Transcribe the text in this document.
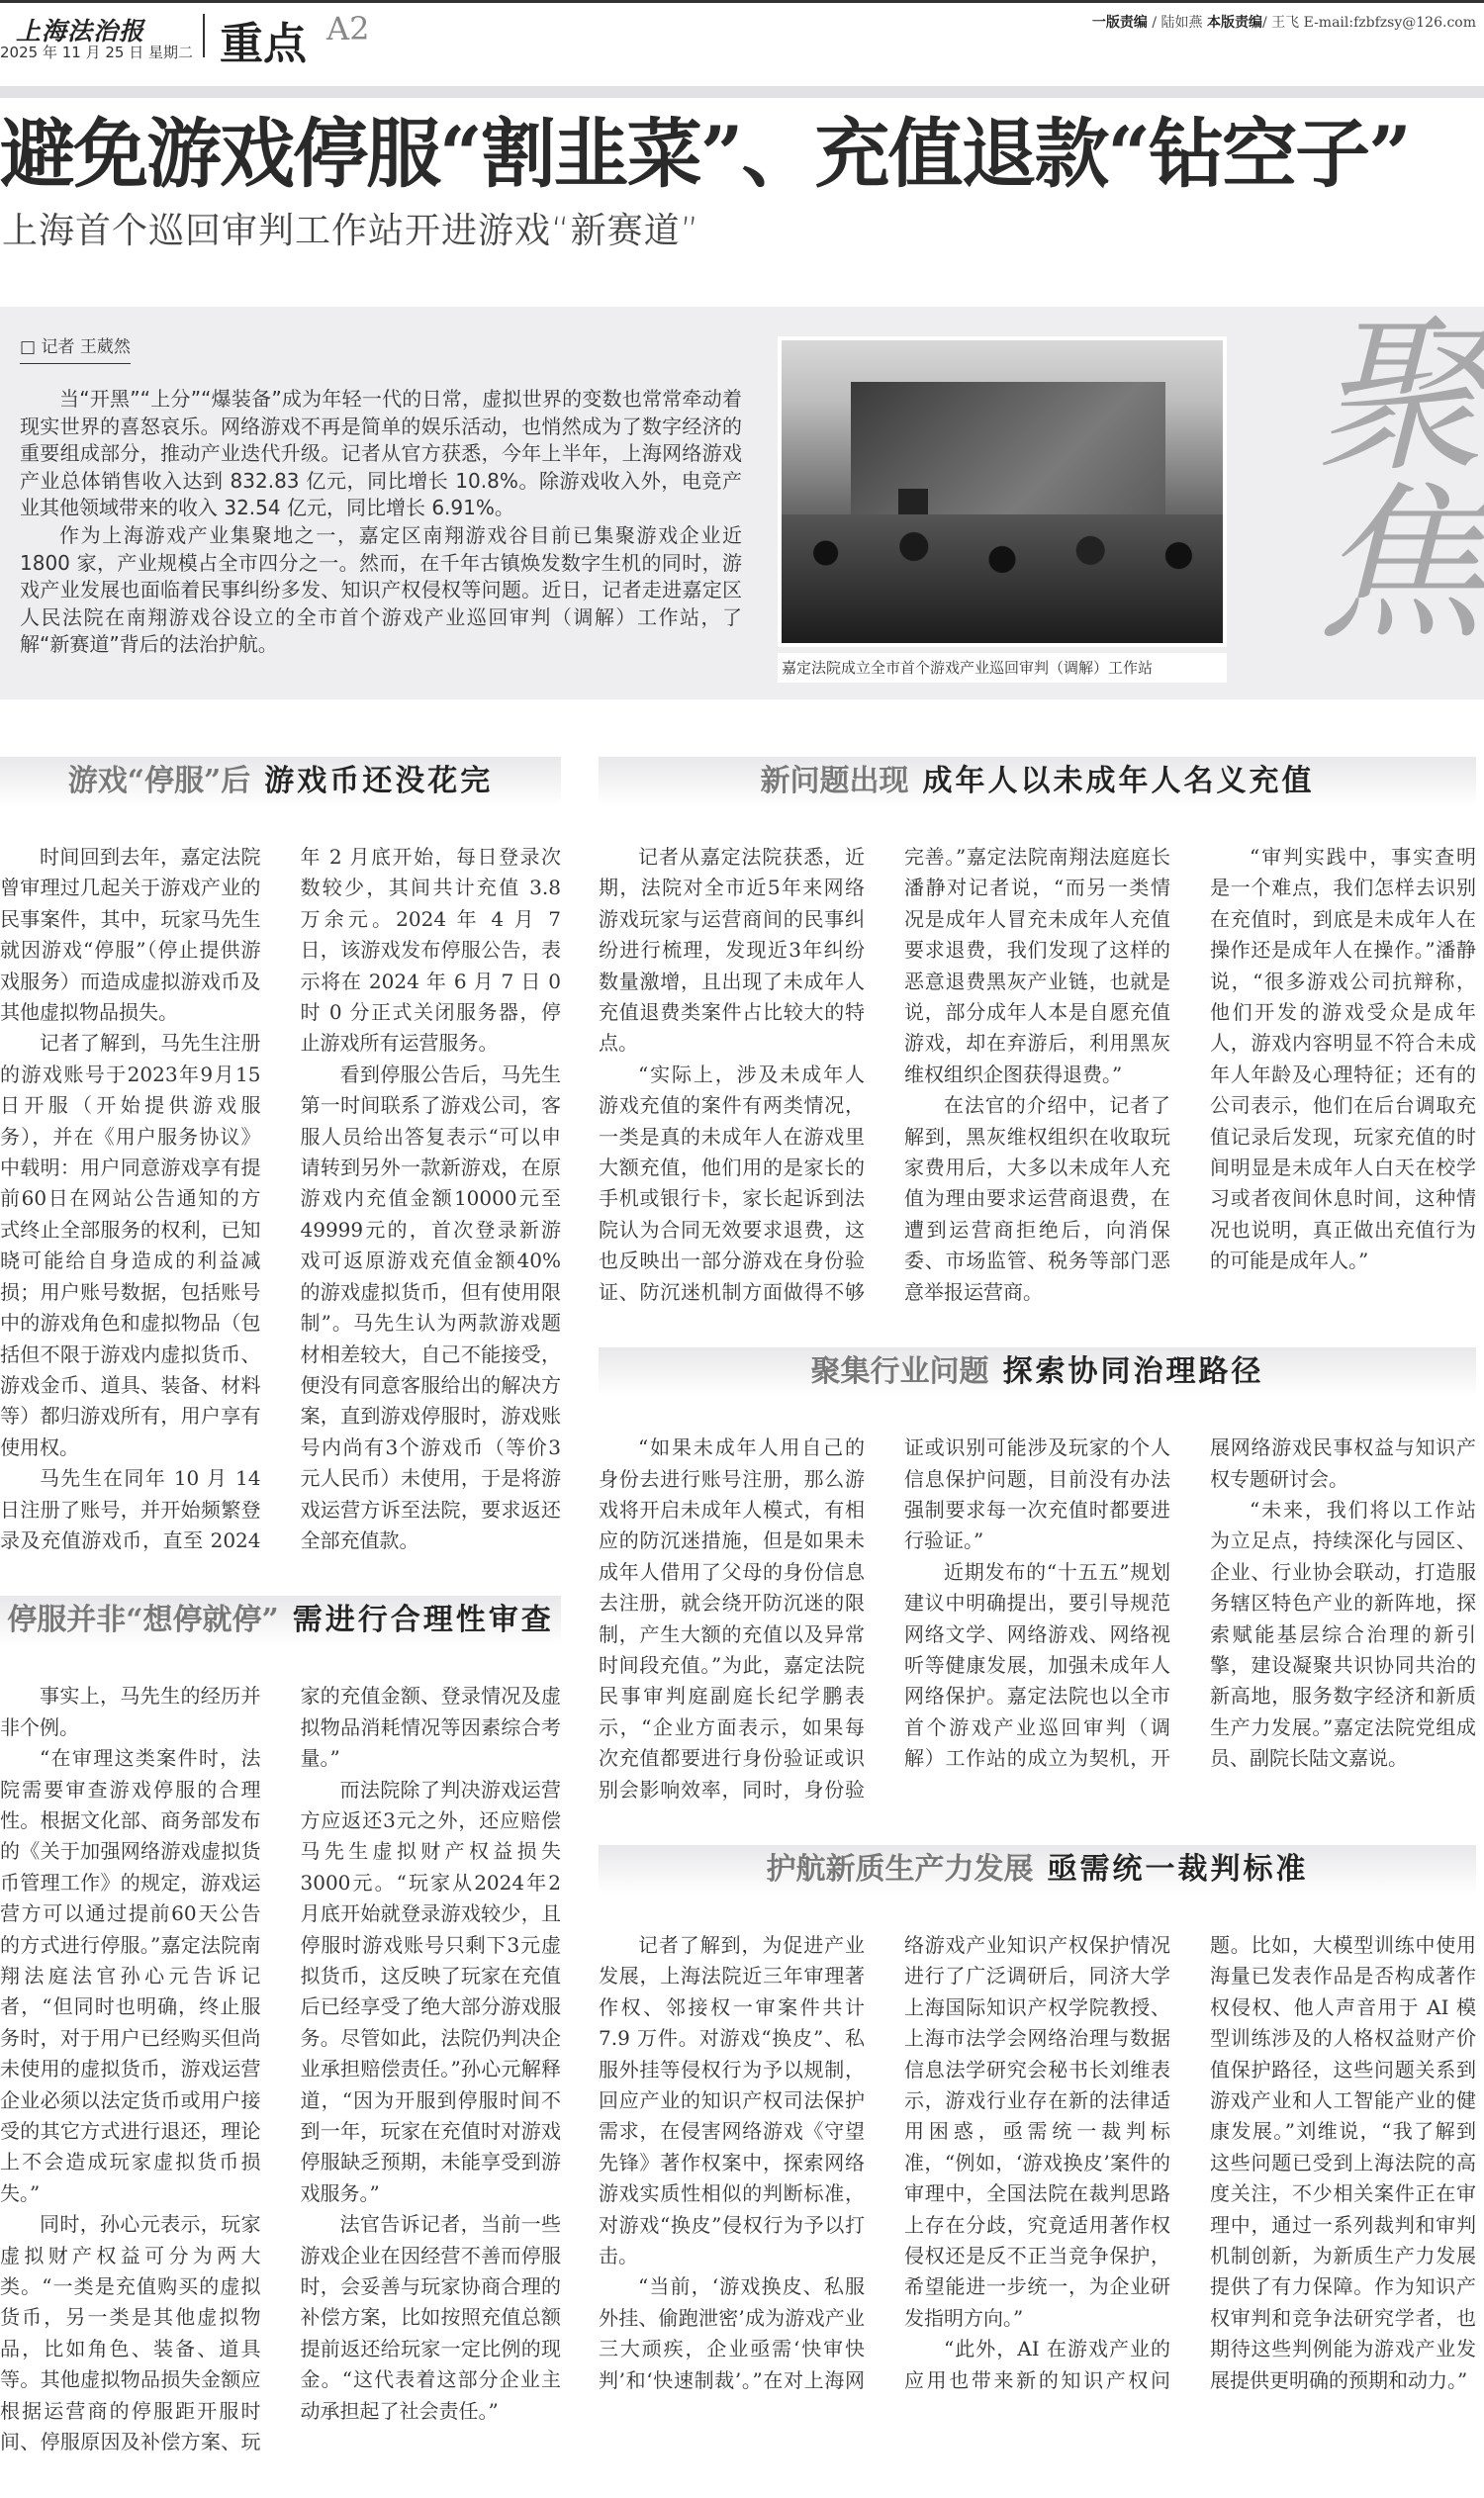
上海法治报
2025 年 11 月 25 日 星期二 重点 A2	一版责编 / 陆如燕 本版责编/ 王飞 E-mail:fzbfzsy@126.com
避免游戏停服“割韭菜”、充值退款“钻空子”
上海首个巡回审判工作站开进游戏“新赛道”
□ 记者 王葳然

当“开黑”“上分”“爆装备”成为年轻一代的日常，虚拟世界的变数也常常牵动着现实世界的喜怒哀乐。网络游戏不再是简单的娱乐活动，也悄然成为了数字经济的重要组成部分，推动产业迭代升级。记者从官方获悉，今年上半年，上海网络游戏产业总体销售收入达到 832.83 亿元，同比增长 10.8%。除游戏收入外，电竞产业其他领域带来的收入 32.54 亿元，同比增长 6.91%。

作为上海游戏产业集聚地之一，嘉定区南翔游戏谷目前已集聚游戏企业近 1800 家，产业规模占全市四分之一。然而，在千年古镇焕发数字生机的同时，游戏产业发展也面临着民事纠纷多发、知识产权侵权等问题。近日，记者走进嘉定区人民法院在南翔游戏谷设立的全市首个游戏产业巡回审判（调解）工作站，了解“新赛道”背后的法治护航。

嘉定法院成立全市首个游戏产业巡回审判（调解）工作站
聚焦
游戏“停服”后 游戏币还没花完

时间回到去年，嘉定法院曾审理过几起关于游戏产业的民事案件，其中，玩家马先生就因游戏“停服”（停止提供游戏服务）而造成虚拟游戏币及其他虚拟物品损失。

记者了解到，马先生注册的游戏账号于2023年9月15日开服（开始提供游戏服务），并在《用户服务协议》中载明：用户同意游戏享有提前60日在网站公告通知的方式终止全部服务的权利，已知晓可能给自身造成的利益减损；用户账号数据，包括账号中的游戏角色和虚拟物品（包括但不限于游戏内虚拟货币、游戏金币、道具、装备、材料等）都归游戏所有，用户享有使用权。

马先生在同年 10 月 14 日注册了账号，并开始频繁登录及充值游戏币，直至 2024 年 2 月底开始，每日登录次数较少，其间共计充值 3.8 万余元。2024 年 4 月 7 日，该游戏发布停服公告，表示将在 2024 年 6 月 7 日 0 时 0 分正式关闭服务器，停止游戏所有运营服务。

看到停服公告后，马先生第一时间联系了游戏公司，客服人员给出答复表示“可以申请转到另外一款新游戏，在原游戏内充值金额10000元至49999元的，首次登录新游戏可返原游戏充值金额40%的游戏虚拟货币，但有使用限制”。马先生认为两款游戏题材相差较大，自己不能接受，便没有同意客服给出的解决方案，直到游戏停服时，游戏账号内尚有3个游戏币（等价3元人民币）未使用，于是将游戏运营方诉至法院，要求返还全部充值款。

停服并非“想停就停” 需进行合理性审查

事实上，马先生的经历并非个例。

“在审理这类案件时，法院需要审查游戏停服的合理性。根据文化部、商务部发布的《关于加强网络游戏虚拟货币管理工作》的规定，游戏运营方可以通过提前60天公告的方式进行停服。”嘉定法院南翔法庭法官孙心元告诉记者，“但同时也明确，终止服务时，对于用户已经购买但尚未使用的虚拟货币，游戏运营企业必须以法定货币或用户接受的其它方式进行退还，理论上不会造成玩家虚拟货币损失。”

同时，孙心元表示，玩家虚拟财产权益可分为两大类。“一类是充值购买的虚拟货币，另一类是其他虚拟物品，比如角色、装备、道具等。其他虚拟物品损失金额应根据运营商的停服距开服时间、停服原因及补偿方案、玩家的充值金额、登录情况及虚拟物品消耗情况等因素综合考量。”

而法院除了判决游戏运营方应返还3元之外，还应赔偿马先生虚拟财产权益损失3000元。“玩家从2024年2月底开始就登录游戏较少，且停服时游戏账号只剩下3元虚拟货币，这反映了玩家在充值后已经享受了绝大部分游戏服务。尽管如此，法院仍判决企业承担赔偿责任。”孙心元解释道，“因为开服到停服时间不到一年，玩家在充值时对游戏停服缺乏预期，未能享受到游戏服务。”

法官告诉记者，当前一些游戏企业在因经营不善而停服时，会妥善与玩家协商合理的补偿方案，比如按照充值总额提前返还给玩家一定比例的现金。“这代表着这部分企业主动承担起了社会责任。”

新问题出现 成年人以未成年人名义充值

记者从嘉定法院获悉，近期，法院对全市近5年来网络游戏玩家与运营商间的民事纠纷进行梳理，发现近3年纠纷数量激增，且出现了未成年人充值退费类案件占比较大的特点。

“实际上，涉及未成年人游戏充值的案件有两类情况，一类是真的未成年人在游戏里大额充值，他们用的是家长的手机或银行卡，家长起诉到法院认为合同无效要求退费，这也反映出一部分游戏在身份验证、防沉迷机制方面做得不够完善。”嘉定法院南翔法庭庭长潘静对记者说，“而另一类情况是成年人冒充未成年人充值要求退费，我们发现了这样的恶意退费黑灰产业链，也就是说，部分成年人本是自愿充值游戏，却在弃游后，利用黑灰维权组织企图获得退费。”

在法官的介绍中，记者了解到，黑灰维权组织在收取玩家费用后，大多以未成年人充值为理由要求运营商退费，在遭到运营商拒绝后，向消保委、市场监管、税务等部门恶意举报运营商。

“审判实践中，事实查明是一个难点，我们怎样去识别在充值时，到底是未成年人在操作还是成年人在操作。”潘静说，“很多游戏公司抗辩称，他们开发的游戏受众是成年人，游戏内容明显不符合未成年人年龄及心理特征；还有的公司表示，他们在后台调取充值记录后发现，玩家充值的时间明显是未成年人白天在校学习或者夜间休息时间，这种情况也说明，真正做出充值行为的可能是成年人。”

聚集行业问题 探索协同治理路径

“如果未成年人用自己的身份去进行账号注册，那么游戏将开启未成年人模式，有相应的防沉迷措施，但是如果未成年人借用了父母的身份信息去注册，就会绕开防沉迷的限制，产生大额的充值以及异常时间段充值。”为此，嘉定法院民事审判庭副庭长纪学鹏表示，“企业方面表示，如果每次充值都要进行身份验证或识别会影响效率，同时，身份验证或识别可能涉及玩家的个人信息保护问题，目前没有办法强制要求每一次充值时都要进行验证。”

近期发布的“十五五”规划建议中明确提出，要引导规范网络文学、网络游戏、网络视听等健康发展，加强未成年人网络保护。嘉定法院也以全市首个游戏产业巡回审判（调解）工作站的成立为契机，开展网络游戏民事权益与知识产权专题研讨会。

“未来，我们将以工作站为立足点，持续深化与园区、企业、行业协会联动，打造服务辖区特色产业的新阵地，探索赋能基层综合治理的新引擎，建设凝聚共识协同共治的新高地，服务数字经济和新质生产力发展。”嘉定法院党组成员、副院长陆文嘉说。

护航新质生产力发展 亟需统一裁判标准

记者了解到，为促进产业发展，上海法院近三年审理著作权、邻接权一审案件共计 7.9 万件。对游戏“换皮”、私服外挂等侵权行为予以规制，回应产业的知识产权司法保护需求，在侵害网络游戏《守望先锋》著作权案中，探索网络游戏实质性相似的判断标准，对游戏“换皮”侵权行为予以打击。

“当前，‘游戏换皮、私服外挂、偷跑泄密’成为游戏产业三大顽疾，企业亟需‘快审快判’和‘快速制裁’。”在对上海网络游戏产业知识产权保护情况进行了广泛调研后，同济大学上海国际知识产权学院教授、上海市法学会网络治理与数据信息法学研究会秘书长刘维表示，游戏行业存在新的法律适用困惑，亟需统一裁判标准，“例如，‘游戏换皮’案件的审理中，全国法院在裁判思路上存在分歧，究竟适用著作权侵权还是反不正当竞争保护，希望能进一步统一，为企业研发指明方向。”

“此外，AI 在游戏产业的应用也带来新的知识产权问题。比如，大模型训练中使用海量已发表作品是否构成著作权侵权、他人声音用于 AI 模型训练涉及的人格权益财产价值保护路径，这些问题关系到游戏产业和人工智能产业的健康发展。”刘维说，“我了解到这些问题已受到上海法院的高度关注，不少相关案件正在审理中，通过一系列裁判和审判机制创新，为新质生产力发展提供了有力保障。作为知识产权审判和竞争法研究学者，也期待这些判例能为游戏产业发展提供更明确的预期和动力。”
